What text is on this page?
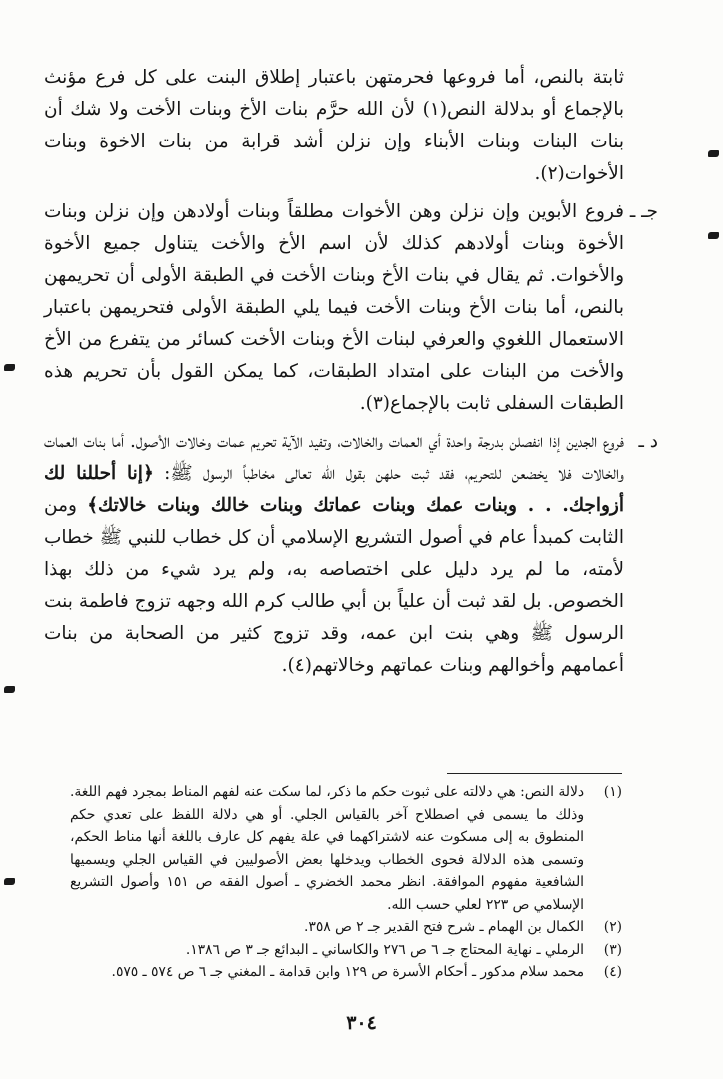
ثابتة بالنص، أما فروعها فحرمتهن باعتبار إطلاق البنت على كل فرع مؤنث بالإجماع أو بدلالة النص(١) لأن الله حرَّم بنات الأخ وبنات الأخت ولا شك أن بنات البنات وبنات الأبناء وإن نزلن أشد قرابة من بنات الاخوة وبنات الأخوات(٢).

جـ ـ
فروع الأبوين وإن نزلن وهن الأخوات مطلقاً وبنات أولادهن وإن نزلن وبنات الأخوة وبنات أولادهم كذلك لأن اسم الأخ والأخت يتناول جميع الأخوة والأخوات. ثم يقال في بنات الأخ وبنات الأخت في الطبقة الأولى أن تحريمهن بالنص، أما بنات الأخ وبنات الأخت فيما يلي الطبقة الأولى فتحريمهن باعتبار الاستعمال اللغوي والعرفي لبنات الأخ وبنات الأخت كسائر من يتفرع من الأخ والأخت من البنات على امتداد الطبقات، كما يمكن القول بأن تحريم هذه الطبقات السفلى ثابت بالإجماع(٣).

د ـ
فروع الجدين إذا انفصلن بدرجة واحدة أي العمات والخالات، وتفيد الآية تحريم عمات وخالات الأصول. أما بنات العمات والخالات فلا يخضعن للتحريم، فقد ثبت حلهن بقول الله تعالى مخاطباً الرسول ﷺ: ﴿إنا أحللنا لك أزواجك. . . وبنات عمك وبنات عماتك وبنات خالك وبنات خالاتك﴾ ومن الثابت كمبدأ عام في أصول التشريع الإسلامي أن كل خطاب للنبي ﷺ خطاب لأمته، ما لم يرد دليل على اختصاصه به، ولم يرد شيء من ذلك بهذا الخصوص. بل لقد ثبت أن علياً بن أبي طالب كرم الله وجهه تزوج فاطمة بنت الرسول ﷺ وهي بنت ابن عمه، وقد تزوج كثير من الصحابة من بنات أعمامهم وأخوالهم وبنات عماتهم وخالاتهم(٤).

(١)
دلالة النص: هي دلالته على ثبوت حكم ما ذكر، لما سكت عنه لفهم المناط بمجرد فهم اللغة. وذلك ما يسمى في اصطلاح آخر بالقياس الجلي. أو هي دلالة اللفظ على تعدي حكم المنطوق به إلى مسكوت عنه لاشتراكهما في علة يفهم كل عارف باللغة أنها مناط الحكم، وتسمى هذه الدلالة فحوى الخطاب ويدخلها بعض الأصوليين في القياس الجلي ويسميها الشافعية مفهوم الموافقة. انظر محمد الخضري ـ أصول الفقه ص ١٥١ وأصول التشريع الإسلامي ص ٢٢٣ لعلي حسب الله.

(٢)
الكمال بن الهمام ـ شرح فتح القدير جـ ٢ ص ٣٥٨.

(٣)
الرملي ـ نهاية المحتاج جـ ٦ ص ٢٧٦ والكاساني ـ البدائع جـ ٣ ص ١٣٨٦.

(٤)
محمد سلام مدكور ـ أحكام الأسرة ص ١٢٩ وابن قدامة ـ المغني جـ ٦ ص ٥٧٤ ـ ٥٧٥.

٣٠٤
